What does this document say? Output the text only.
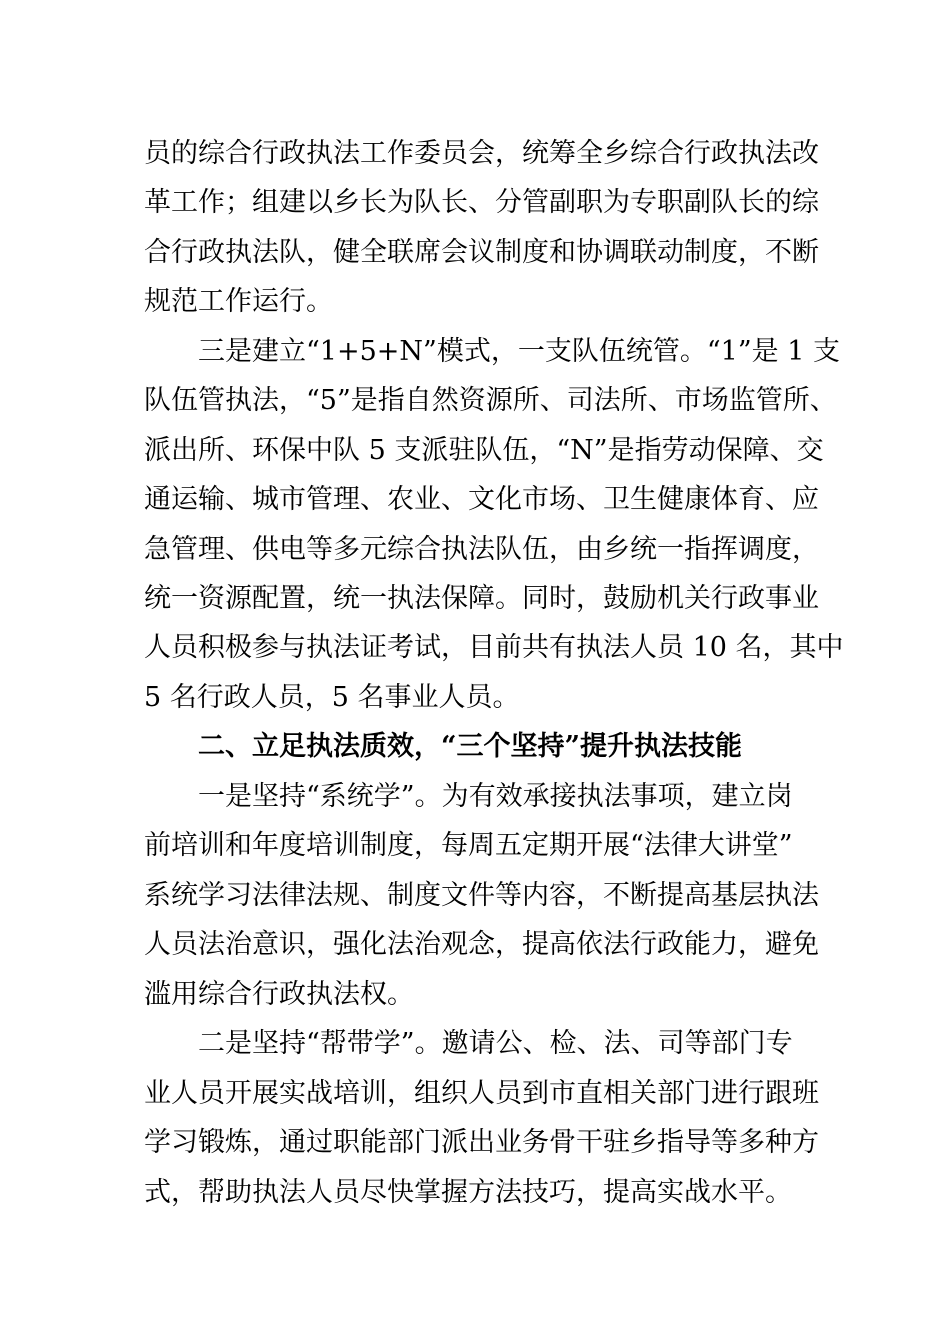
员的综合行政执法工作委员会，统筹全乡综合行政执法改
革工作；组建以乡长为队长、分管副职为专职副队长的综
合行政执法队，健全联席会议制度和协调联动制度，不断
规范工作运行。
三是建立“1+5+N”模式，一支队伍统管。“1”是 1 支
队伍管执法，“5”是指自然资源所、司法所、市场监管所、
派出所、环保中队 5 支派驻队伍，“N”是指劳动保障、交
通运输、城市管理、农业、文化市场、卫生健康体育、应
急管理、供电等多元综合执法队伍，由乡统一指挥调度，
统一资源配置，统一执法保障。同时，鼓励机关行政事业
人员积极参与执法证考试，目前共有执法人员 10 名，其中
5 名行政人员，5 名事业人员。
二、立足执法质效，“三个坚持”提升执法技能
一是坚持“系统学”。为有效承接执法事项，建立岗
前培训和年度培训制度，每周五定期开展“法律大讲堂”
系统学习法律法规、制度文件等内容，不断提高基层执法
人员法治意识，强化法治观念，提高依法行政能力，避免
滥用综合行政执法权。
二是坚持“帮带学”。邀请公、检、法、司等部门专
业人员开展实战培训，组织人员到市直相关部门进行跟班
学习锻炼，通过职能部门派出业务骨干驻乡指导等多种方
式，帮助执法人员尽快掌握方法技巧，提高实战水平。
